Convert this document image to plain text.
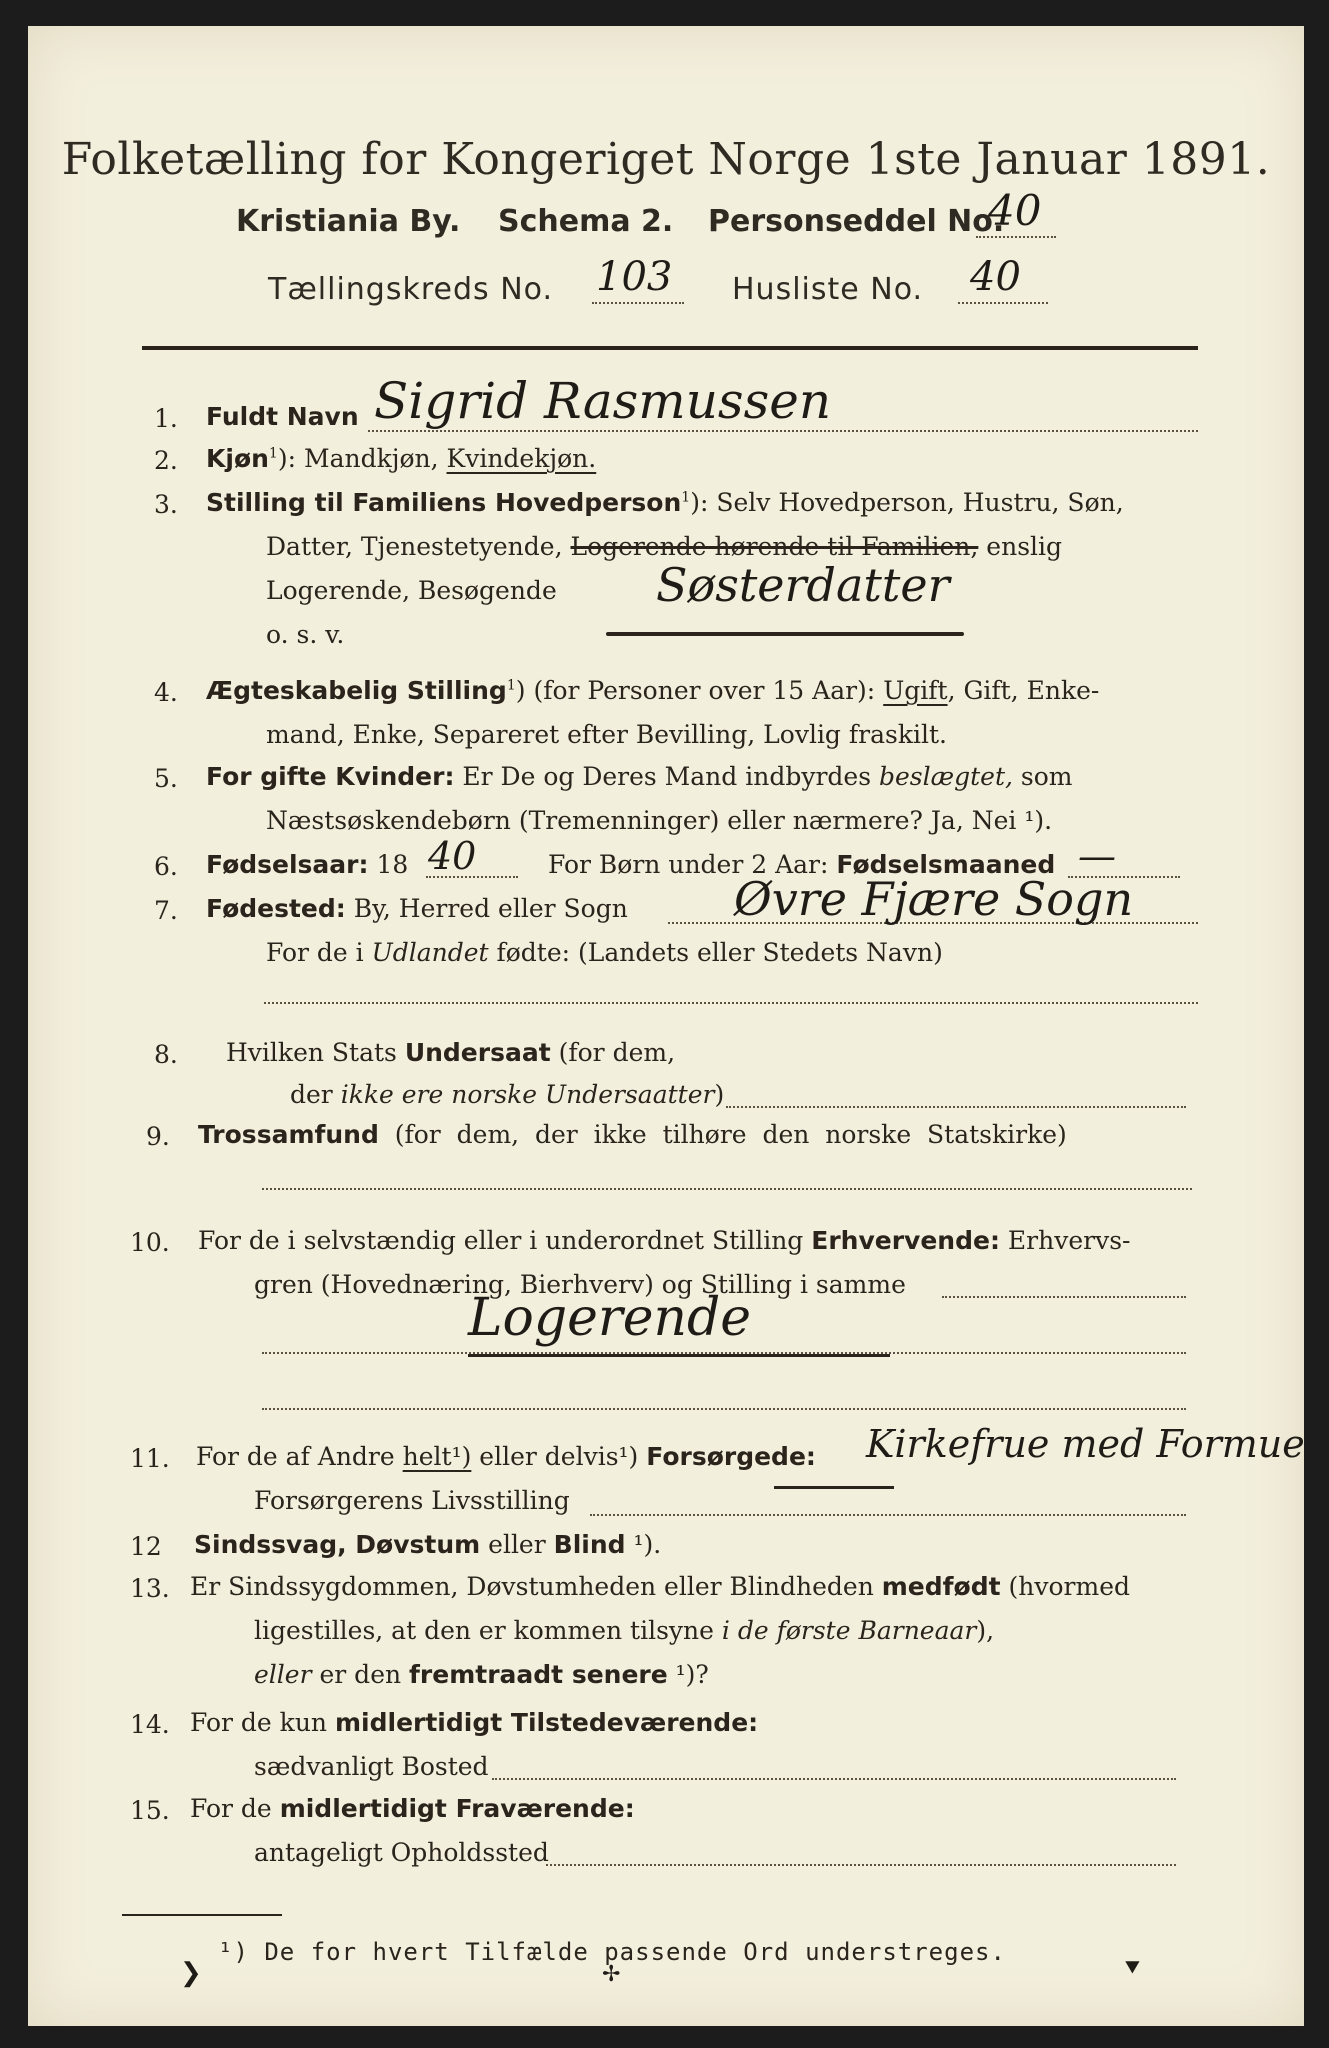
Folketælling for Kongeriget Norge 1ste Januar 1891.
Kristiania By. Schema 2. Personseddel No.
40
Tællingskreds No. 103 Husliste No. 40
1. Fuldt Navn Sigrid Rasmussen
2. Kjøn$^1$): Mandkjøn, Kvindekjøn.
3. Stilling til Familiens Hovedperson$^1$): Selv Hovedperson, Hustru, Søn,
Datter, Tjenestetyende, Logerende hørende til Familien, enslig
Logerende, Besøgende Søsterdatter
o. s. v.
4. Ægteskabelig Stilling$^1$) (for Personer over 15 Aar): Ugift, Gift, Enke-
mand, Enke, Separeret efter Bevilling, Lovlig fraskilt.
5. For gifte Kvinder: Er De og Deres Mand indbyrdes beslægtet, som
Næstsøskendebørn (Tremenninger) eller nærmere? Ja, Nei ¹).
6. Fødselsaar: 18 40	For Børn under 2 Aar: Fødselsmaaned —
7. Fødested: By, Herred eller Sogn Øvre Fjære Sogn
For de i Udlandet fødte: (Landets eller Stedets Navn)
8. Hvilken Stats Undersaat (for dem,
der ikke ere norske Undersaatter)
9. Trossamfund  (for  dem,  der  ikke  tilhøre  den  norske  Statskirke)
10. For de i selvstændig eller i underordnet Stilling Erhvervende: Erhvervs-
gren (Hovednæring, Bierhverv) og Stilling i samme
Logerende
11. For de af Andre helt¹) eller delvis¹) Forsørgede: Kirkefrue med Formue
Forsørgerens Livsstilling
12 Sindssvag, Døvstum eller Blind ¹).
13. Er Sindssygdommen, Døvstumheden eller Blindheden medfødt (hvormed
ligestilles, at den er kommen tilsyne i de første Barneaar),
eller er den fremtraadt senere ¹)?
14. For de kun midlertidigt Tilstedeværende:
sædvanligt Bosted
15. For de midlertidigt Fraværende:
antageligt Opholdssted
¹) De for hvert Tilfælde passende Ord understreges.
❯	✢	⯆
